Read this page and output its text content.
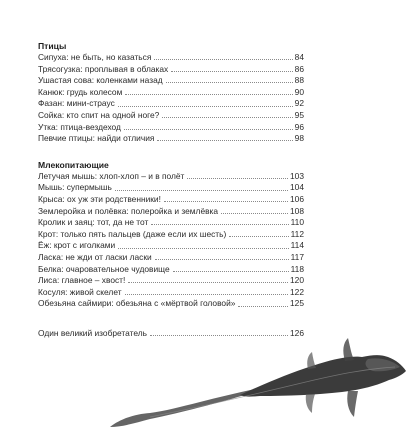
Птицы
Сипуха: не быть, но казаться	84
Трясогузка: проплывая в облаках	86
Ушастая сова: коленками назад	88
Канюк: грудь колесом	90
Фазан: мини-страус	92
Сойка: кто спит на одной ноге?	95
Утка: птица-вездеход	96
Певчие птицы: найди отличия	98
Млекопитающие
Летучая мышь: хлоп-хлоп – и в полёт	103
Мышь: супермышь	104
Крыса: ох уж эти родственники!	106
Землеройка и полёвка: полеройка и землёвка	108
Кролик и заяц: тот, да не тот	110
Крот: только пять пальцев (даже если их шесть)	112
Ёж: крот с иголками	114
Ласка: не жди от ласки ласки	117
Белка: очаровательное чудовище	118
Лиса: главное – хвост!	120
Косуля: живой скелет	122
Обезьяна саймири: обезьяна с «мёртвой головой»	125
Один великий изобретатель	126
